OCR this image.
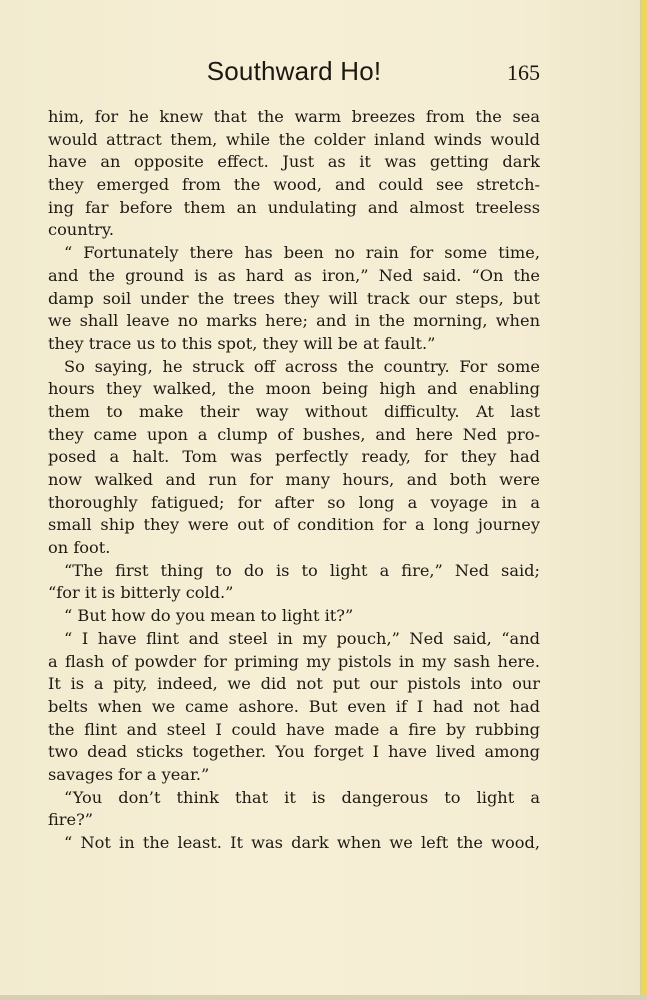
Southward Ho!	165
him, for he knew that the warm breezes from the sea
would attract them, while the colder inland winds would
have an opposite effect. Just as it was getting dark
they emerged from the wood, and could see stretch-
ing far before them an undulating and almost treeless
country.
“ Fortunately there has been no rain for some time,
and the ground is as hard as iron,” Ned said. “On the
damp soil under the trees they will track our steps, but
we shall leave no marks here; and in the morning, when
they trace us to this spot, they will be at fault.”
So saying, he struck off across the country. For some
hours they walked, the moon being high and enabling
them to make their way without difficulty. At last
they came upon a clump of bushes, and here Ned pro-
posed a halt. Tom was perfectly ready, for they had
now walked and run for many hours, and both were
thoroughly fatigued; for after so long a voyage in a
small ship they were out of condition for a long journey
on foot.
“The first thing to do is to light a fire,” Ned said;
“for it is bitterly cold.”
“ But how do you mean to light it?”
“ I have flint and steel in my pouch,” Ned said, “and
a flash of powder for priming my pistols in my sash here.
It is a pity, indeed, we did not put our pistols into our
belts when we came ashore. But even if I had not had
the flint and steel I could have made a fire by rubbing
two dead sticks together. You forget I have lived among
savages for a year.”
“You don’t think that it is dangerous to light a
fire?”
“ Not in the least. It was dark when we left the wood,
